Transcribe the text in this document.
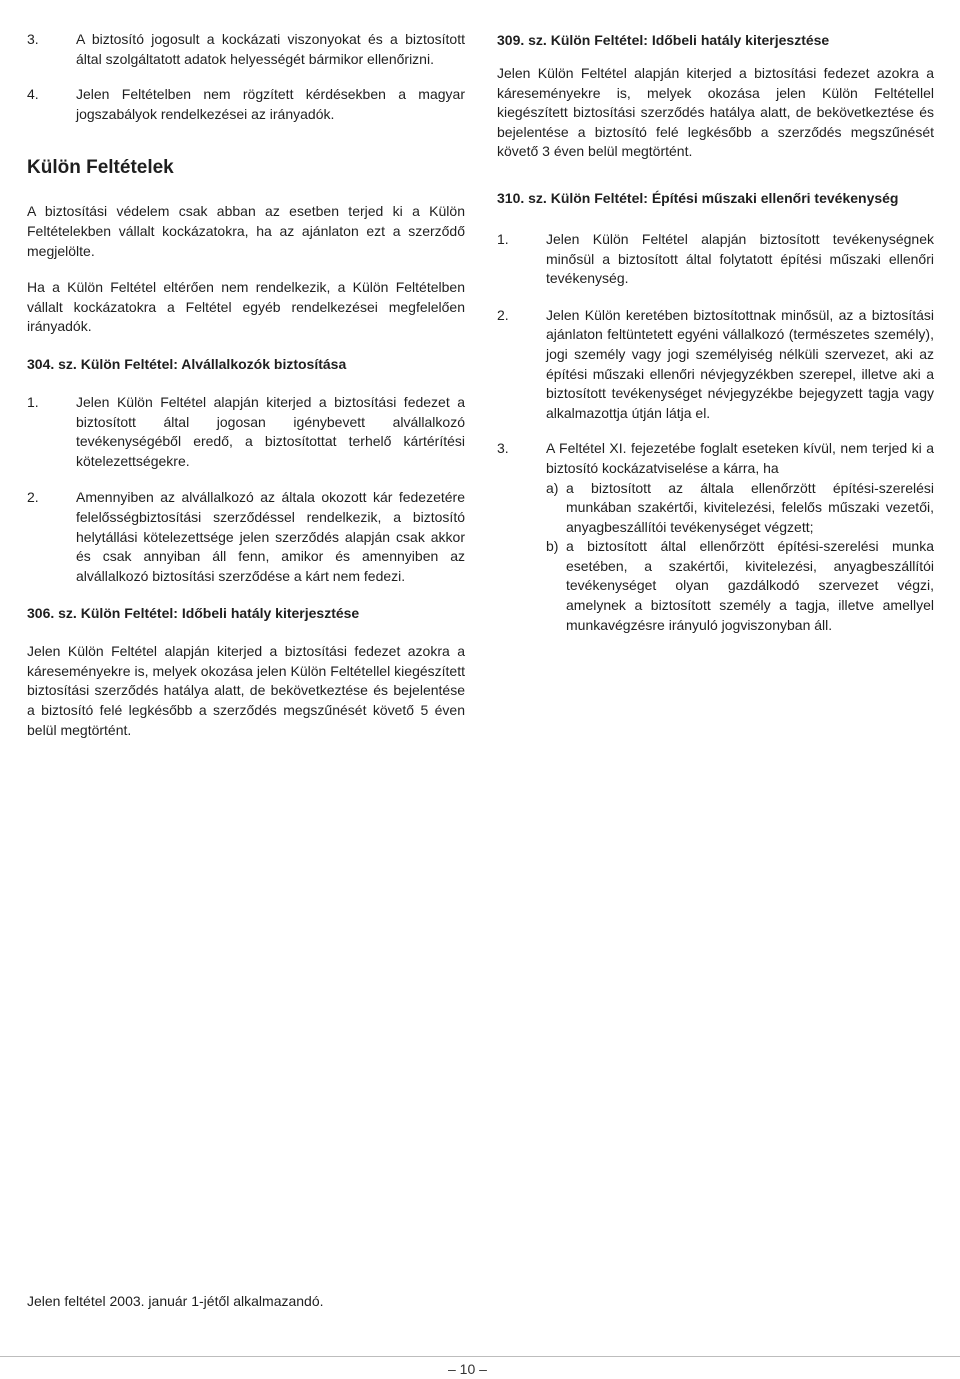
3.	A biztosító jogosult a kockázati viszonyokat és a biztosított által szolgáltatott adatok helyességét bármikor ellenőrizni.
4.	Jelen Feltételben nem rögzített kérdésekben a magyar jogszabályok rendelkezései az irányadók.
Külön Feltételek

A biztosítási védelem csak abban az esetben terjed ki a Külön Feltételekben vállalt kockázatokra, ha az ajánlaton ezt a szerződő megjelölte.

Ha a Külön Feltétel eltérően nem rendelkezik, a Külön Feltételben vállalt kockázatokra a Feltétel egyéb rendelkezései megfelelően irányadók.

304. sz. Külön Feltétel: Alvállalkozók biztosítása
1.	Jelen Külön Feltétel alapján kiterjed a biztosítási fedezet a biztosított által jogosan igénybevett alvállalkozó tevékenységéből eredő, a biztosítottat terhelő kártérítési kötelezettségekre.
2.	Amennyiben az alvállalkozó az általa okozott kár fedezetére felelősségbiztosítási szerződéssel rendelkezik, a biztosító helytállási kötelezettsége jelen szerződés alapján csak akkor és csak annyiban áll fenn, amikor és amennyiben az alvállalkozó biztosítási szerződése a kárt nem fedezi.
306. sz. Külön Feltétel: Időbeli hatály kiterjesztése

Jelen Külön Feltétel alapján kiterjed a biztosítási fedezet azokra a káreseményekre is, melyek okozása jelen Külön Feltétellel kiegészített biztosítási szerződés hatálya alatt, de bekövetkeztése és bejelentése a biztosító felé legkésőbb a szerződés megszűnését követő 5 éven belül megtörtént.

309. sz. Külön Feltétel: Időbeli hatály kiterjesztése

Jelen Külön Feltétel alapján kiterjed a biztosítási fedezet azokra a káreseményekre is, melyek okozása jelen Külön Feltétellel kiegészített biztosítási szerződés hatálya alatt, de bekövetkeztése és bejelentése a biztosító felé legkésőbb a szerződés megszűnését követő 3 éven belül megtörtént.

310. sz. Külön Feltétel: Építési műszaki ellenőri tevékenység
1.	Jelen Külön Feltétel alapján biztosított tevékenységnek minősül a biztosított által folytatott építési műszaki ellenőri tevékenység.
2.	Jelen Külön keretében biztosítottnak minősül, az a biztosítási ajánlaton feltüntetett egyéni vállalkozó (természetes személy), jogi személy vagy jogi személyiség nélküli szervezet, aki az építési műszaki ellenőri névjegyzékben szerepel, illetve aki a biztosított tevékenységet névjegyzékbe bejegyzett tagja vagy alkalmazottja útján látja el.
3.	A Feltétel XI. fejezetébe foglalt eseteken kívül, nem terjed ki a biztosító kockázatviselése a kárra, ha
a) a biztosított az általa ellenőrzött építési-szerelési munkában szakértői, kivitelezési, felelős műszaki vezetői, anyagbeszállítói tevékenységet végzett;
b) a biztosított által ellenőrzött építési-szerelési munka esetében, a szakértői, kivitelezési, anyagbeszállítói tevékenységet olyan gazdálkodó szervezet végzi, amelynek a biztosított személy a tagja, illetve amellyel munkavégzésre irányuló jogviszonyban áll.
Jelen feltétel 2003. január 1-jétől alkalmazandó.
– 10 –
